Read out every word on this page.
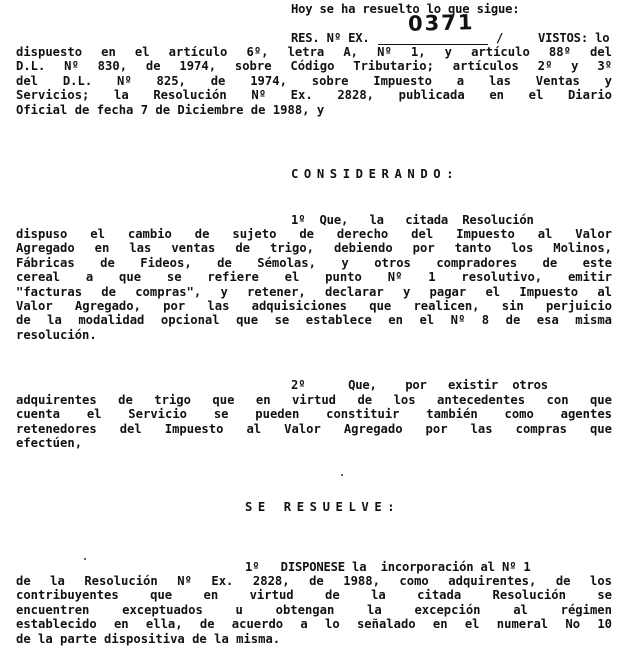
Hoy se ha resuelto lo que sigue:
0371
RES. Nº EX.	/	VISTOS: lo
dispuesto en el artículo 6º, letra A, Nº 1, y artículo 88º del
D.L. Nº 830, de 1974, sobre Código Tributario; artículos 2º y 3º
del D.L. Nº 825, de 1974, sobre Impuesto a las Ventas y
Servicios; la Resolución Nº Ex. 2828, publicada en el Diario
Oficial de fecha 7 de Diciembre de 1988, y
CONSIDERANDO:
1º  Que,   la   citada  Resolución
dispuso el cambio de sujeto de derecho del Impuesto al Valor
Agregado en las ventas de trigo, debiendo por tanto los Molinos,
Fábricas de Fideos, de Sémolas, y otros compradores de este
cereal a que se refiere el punto Nº 1 resolutivo, emitir
"facturas de compras", y retener, declarar y pagar el Impuesto al
Valor Agregado, por las adquisiciones que realicen, sin perjuicio
de la modalidad opcional que se establece en el Nº 8 de esa misma
resolución.
2º      Que,    por   existir  otros
adquirentes de trigo que en virtud de los antecedentes con que
cuenta el Servicio se pueden constituir también como agentes
retenedores del Impuesto al Valor Agregado por las compras que
efectúen,
SE RESUELVE:
1º   DISPONESE la  incorporación al Nº 1
de la Resolución Nº Ex. 2828, de 1988, como adquirentes, de los
contribuyentes que en virtud de la citada Resolución se
encuentren exceptuados u obtengan la excepción al régimen
establecido en ella, de acuerdo a lo señalado en el numeral No 10
de la parte dispositiva de la misma.
